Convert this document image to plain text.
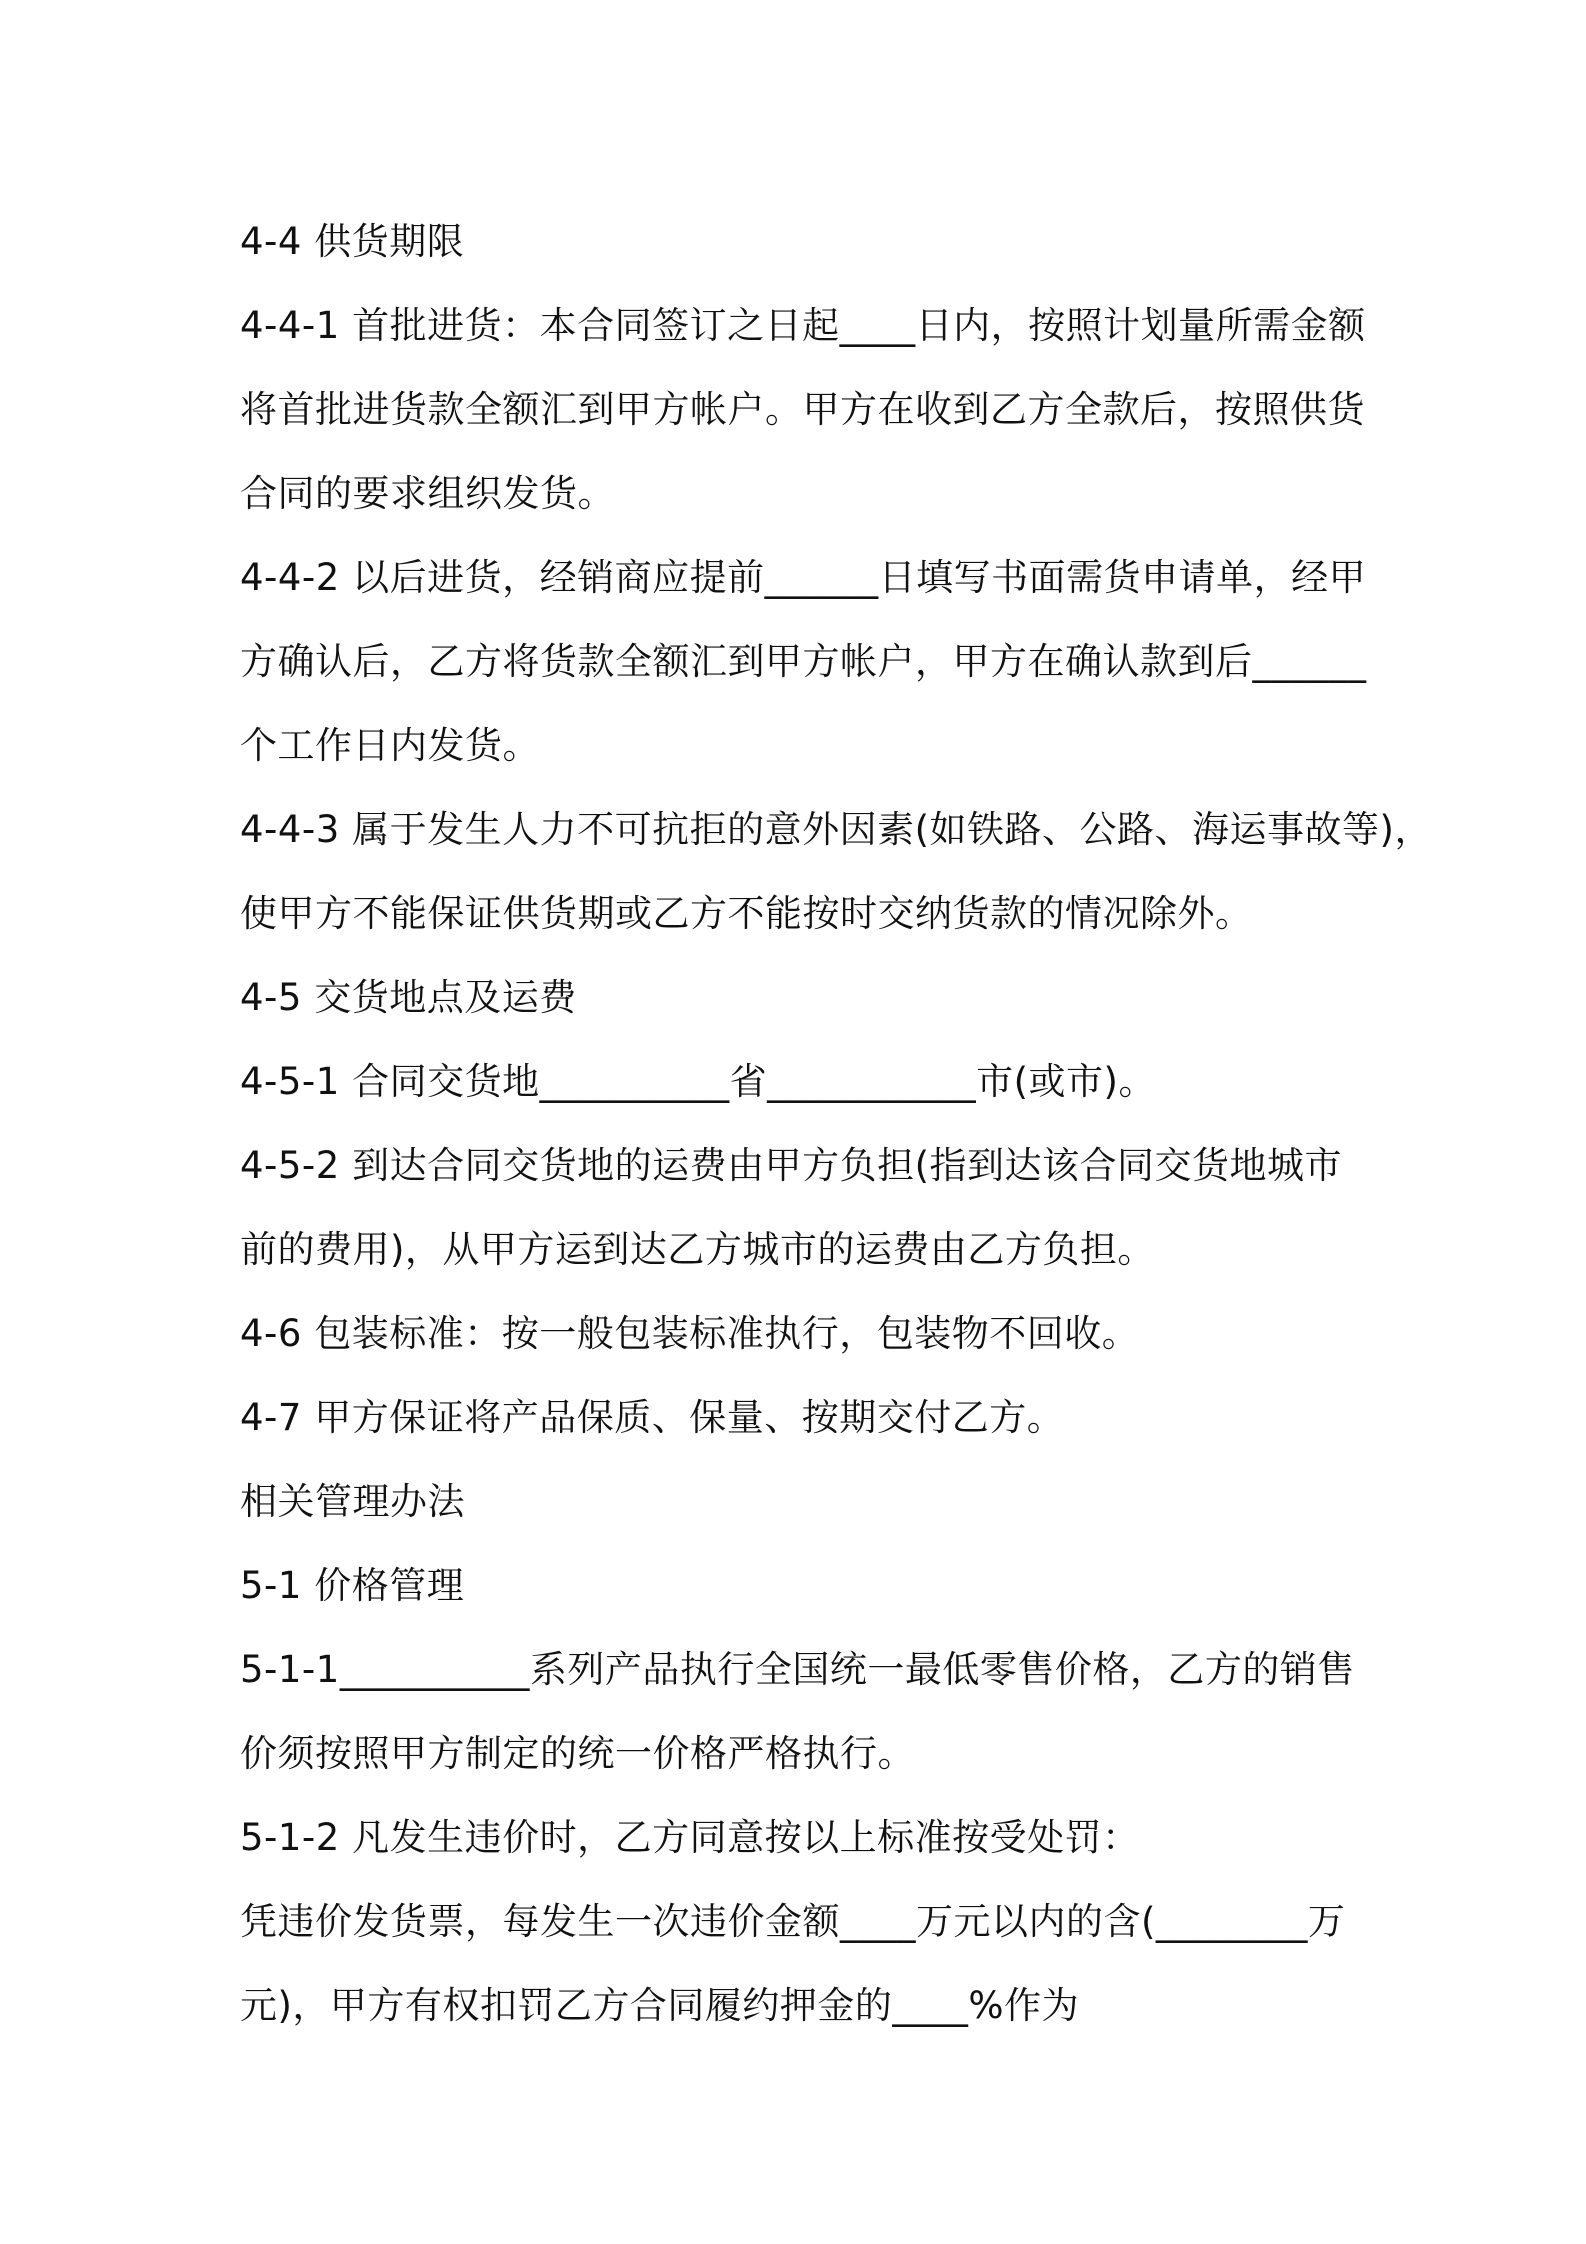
4-4 供货期限

4-4-1 首批进货：本合同签订之日起____日内，按照计划量所需金额

将首批进货款全额汇到甲方帐户。甲方在收到乙方全款后，按照供货

合同的要求组织发货。

4-4-2 以后进货，经销商应提前______日填写书面需货申请单，经甲

方确认后，乙方将货款全额汇到甲方帐户，甲方在确认款到后______

个工作日内发货。

4-4-3 属于发生人力不可抗拒的意外因素(如铁路、公路、海运事故等)，

使甲方不能保证供货期或乙方不能按时交纳货款的情况除外。

4-5 交货地点及运费

4-5-1 合同交货地__________省___________市(或市)。

4-5-2 到达合同交货地的运费由甲方负担(指到达该合同交货地城市

前的费用)，从甲方运到达乙方城市的运费由乙方负担。

4-6 包装标准：按一般包装标准执行，包装物不回收。

4-7 甲方保证将产品保质、保量、按期交付乙方。

相关管理办法

5-1 价格管理

5-1-1__________系列产品执行全国统一最低零售价格，乙方的销售

价须按照甲方制定的统一价格严格执行。

5-1-2 凡发生违价时，乙方同意按以上标准按受处罚：

凭违价发货票，每发生一次违价金额____万元以内的含(________万

元)，甲方有权扣罚乙方合同履约押金的____%作为
